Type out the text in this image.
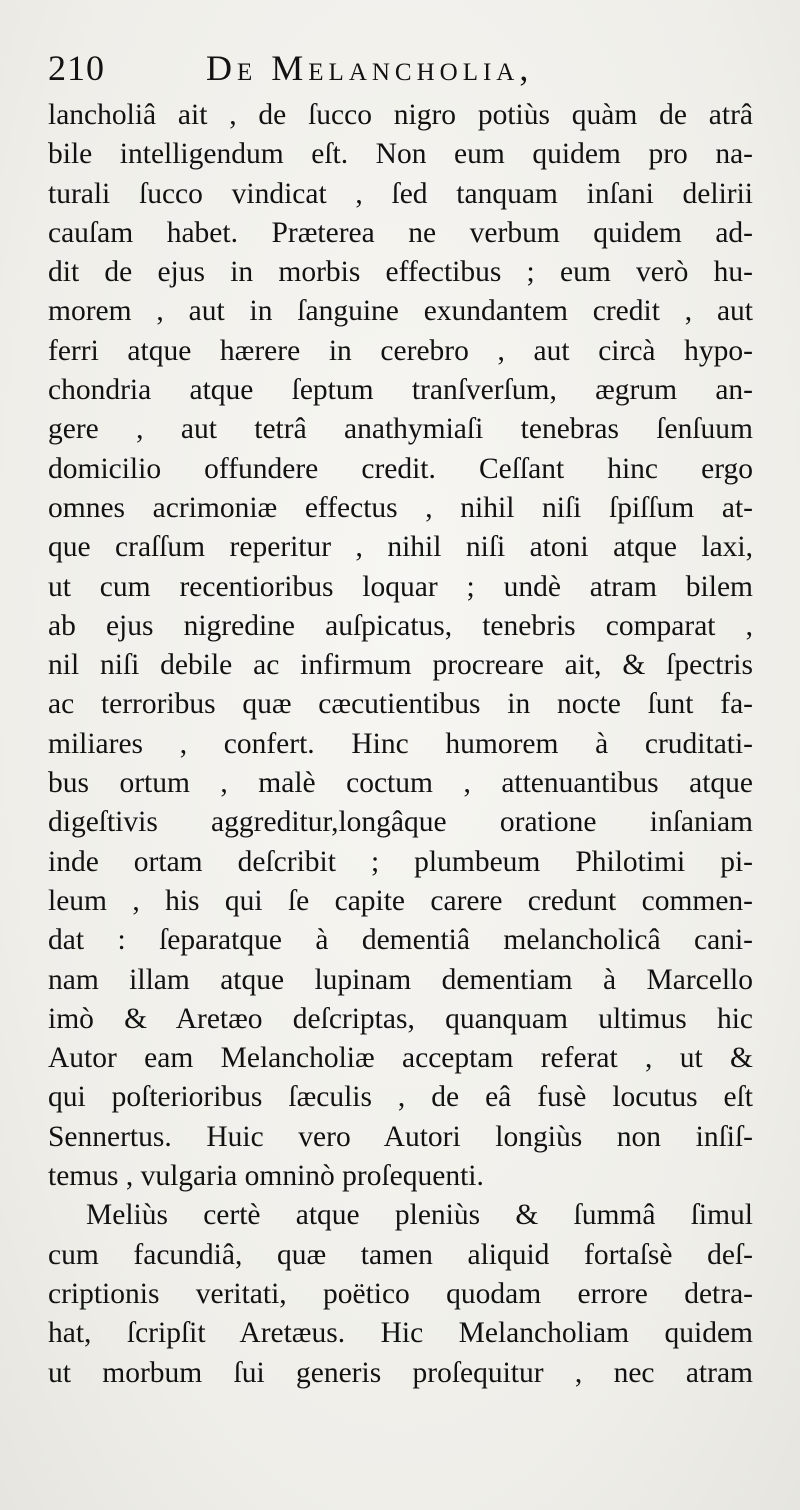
210	De Melancholia,
lancholiâ ait , de ſucco nigro potiùs quàm de atrâ
bile intelligendum eſt. Non eum quidem pro na-
turali ſucco vindicat , ſed tanquam inſani delirii
cauſam habet. Præterea ne verbum quidem ad-
dit de ejus in morbis effectibus ; eum verò hu-
morem , aut in ſanguine exundantem credit , aut
ferri atque hærere in cerebro , aut circà hypo-
chondria atque ſeptum tranſverſum, ægrum an-
gere , aut tetrâ anathymiaſi tenebras ſenſuum
domicilio offundere credit. Ceſſant hinc ergo
omnes acrimoniæ effectus , nihil niſi ſpiſſum at-
que craſſum reperitur , nihil niſi atoni atque laxi,
ut cum recentioribus loquar ; undè atram bilem
ab ejus nigredine auſpicatus, tenebris comparat ,
nil niſi debile ac infirmum procreare ait, & ſpectris
ac terroribus quæ cæcutientibus in nocte ſunt fa-
miliares , confert. Hinc humorem à cruditati-
bus ortum , malè coctum , attenuantibus atque
digeſtivis aggreditur,longâque oratione inſaniam
inde ortam deſcribit ; plumbeum Philotimi pi-
leum , his qui ſe capite carere credunt commen-
dat : ſeparatque à dementiâ melancholicâ cani-
nam illam atque lupinam dementiam à Marcello
imò & Aretæo deſcriptas, quanquam ultimus hic
Autor eam Melancholiæ acceptam referat , ut &
qui poſterioribus ſæculis , de eâ fusè locutus eſt
Sennertus. Huic vero Autori longiùs non inſiſ-
temus , vulgaria omninò proſequenti.
Meliùs certè atque pleniùs & ſummâ ſimul
cum facundiâ, quæ tamen aliquid fortaſsè deſ-
criptionis veritati, poëtico quodam errore detra-
hat, ſcripſit Aretæus. Hic Melancholiam quidem
ut morbum ſui generis proſequitur , nec atram
